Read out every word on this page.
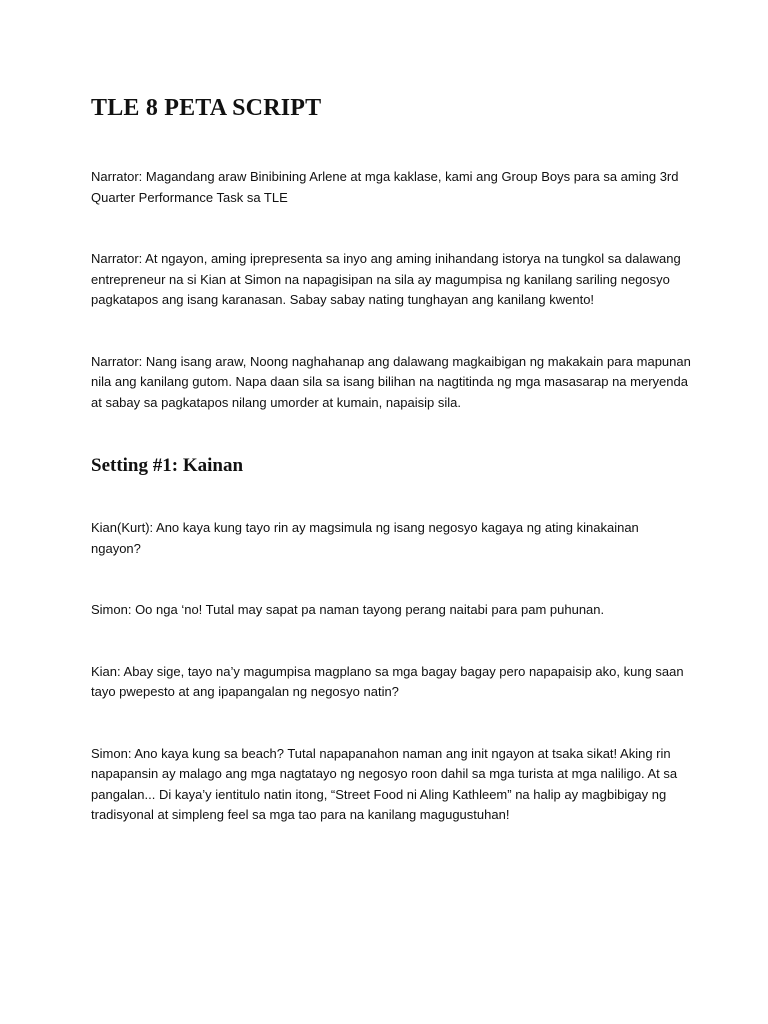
TLE 8 PETA SCRIPT

Narrator: Magandang araw Binibining Arlene at mga kaklase, kami ang Group Boys para sa aming 3rd Quarter Performance Task sa TLE

Narrator: At ngayon, aming iprepresenta sa inyo ang aming inihandang istorya na tungkol sa dalawang entrepreneur na si Kian at Simon na napagisipan na sila ay magumpisa ng kanilang sariling negosyo pagkatapos ang isang karanasan. Sabay sabay nating tunghayan ang kanilang kwento!

Narrator: Nang isang araw, Noong naghahanap ang dalawang magkaibigan ng makakain para mapunan nila ang kanilang gutom. Napa daan sila sa isang bilihan na nagtitinda ng mga masasarap na meryenda at sabay sa pagkatapos nilang umorder at kumain, napaisip sila.

Setting #1: Kainan

Kian(Kurt): Ano kaya kung tayo rin ay magsimula ng isang negosyo kagaya ng ating kinakainan ngayon?

Simon: Oo nga ‘no! Tutal may sapat pa naman tayong perang naitabi para pam puhunan.

Kian: Abay sige, tayo na’y magumpisa magplano sa mga bagay bagay pero napapaisip ako, kung saan tayo pwepesto at ang ipapangalan ng negosyo natin?

Simon: Ano kaya kung sa beach? Tutal napapanahon naman ang init ngayon at tsaka sikat! Aking rin napapansin ay malago ang mga nagtatayo ng negosyo roon dahil sa mga turista at mga naliligo. At sa pangalan... Di kaya’y ientitulo natin itong, “Street Food ni Aling Kathleem” na halip ay magbibigay ng tradisyonal at simpleng feel sa mga tao para na kanilang magugustuhan!
